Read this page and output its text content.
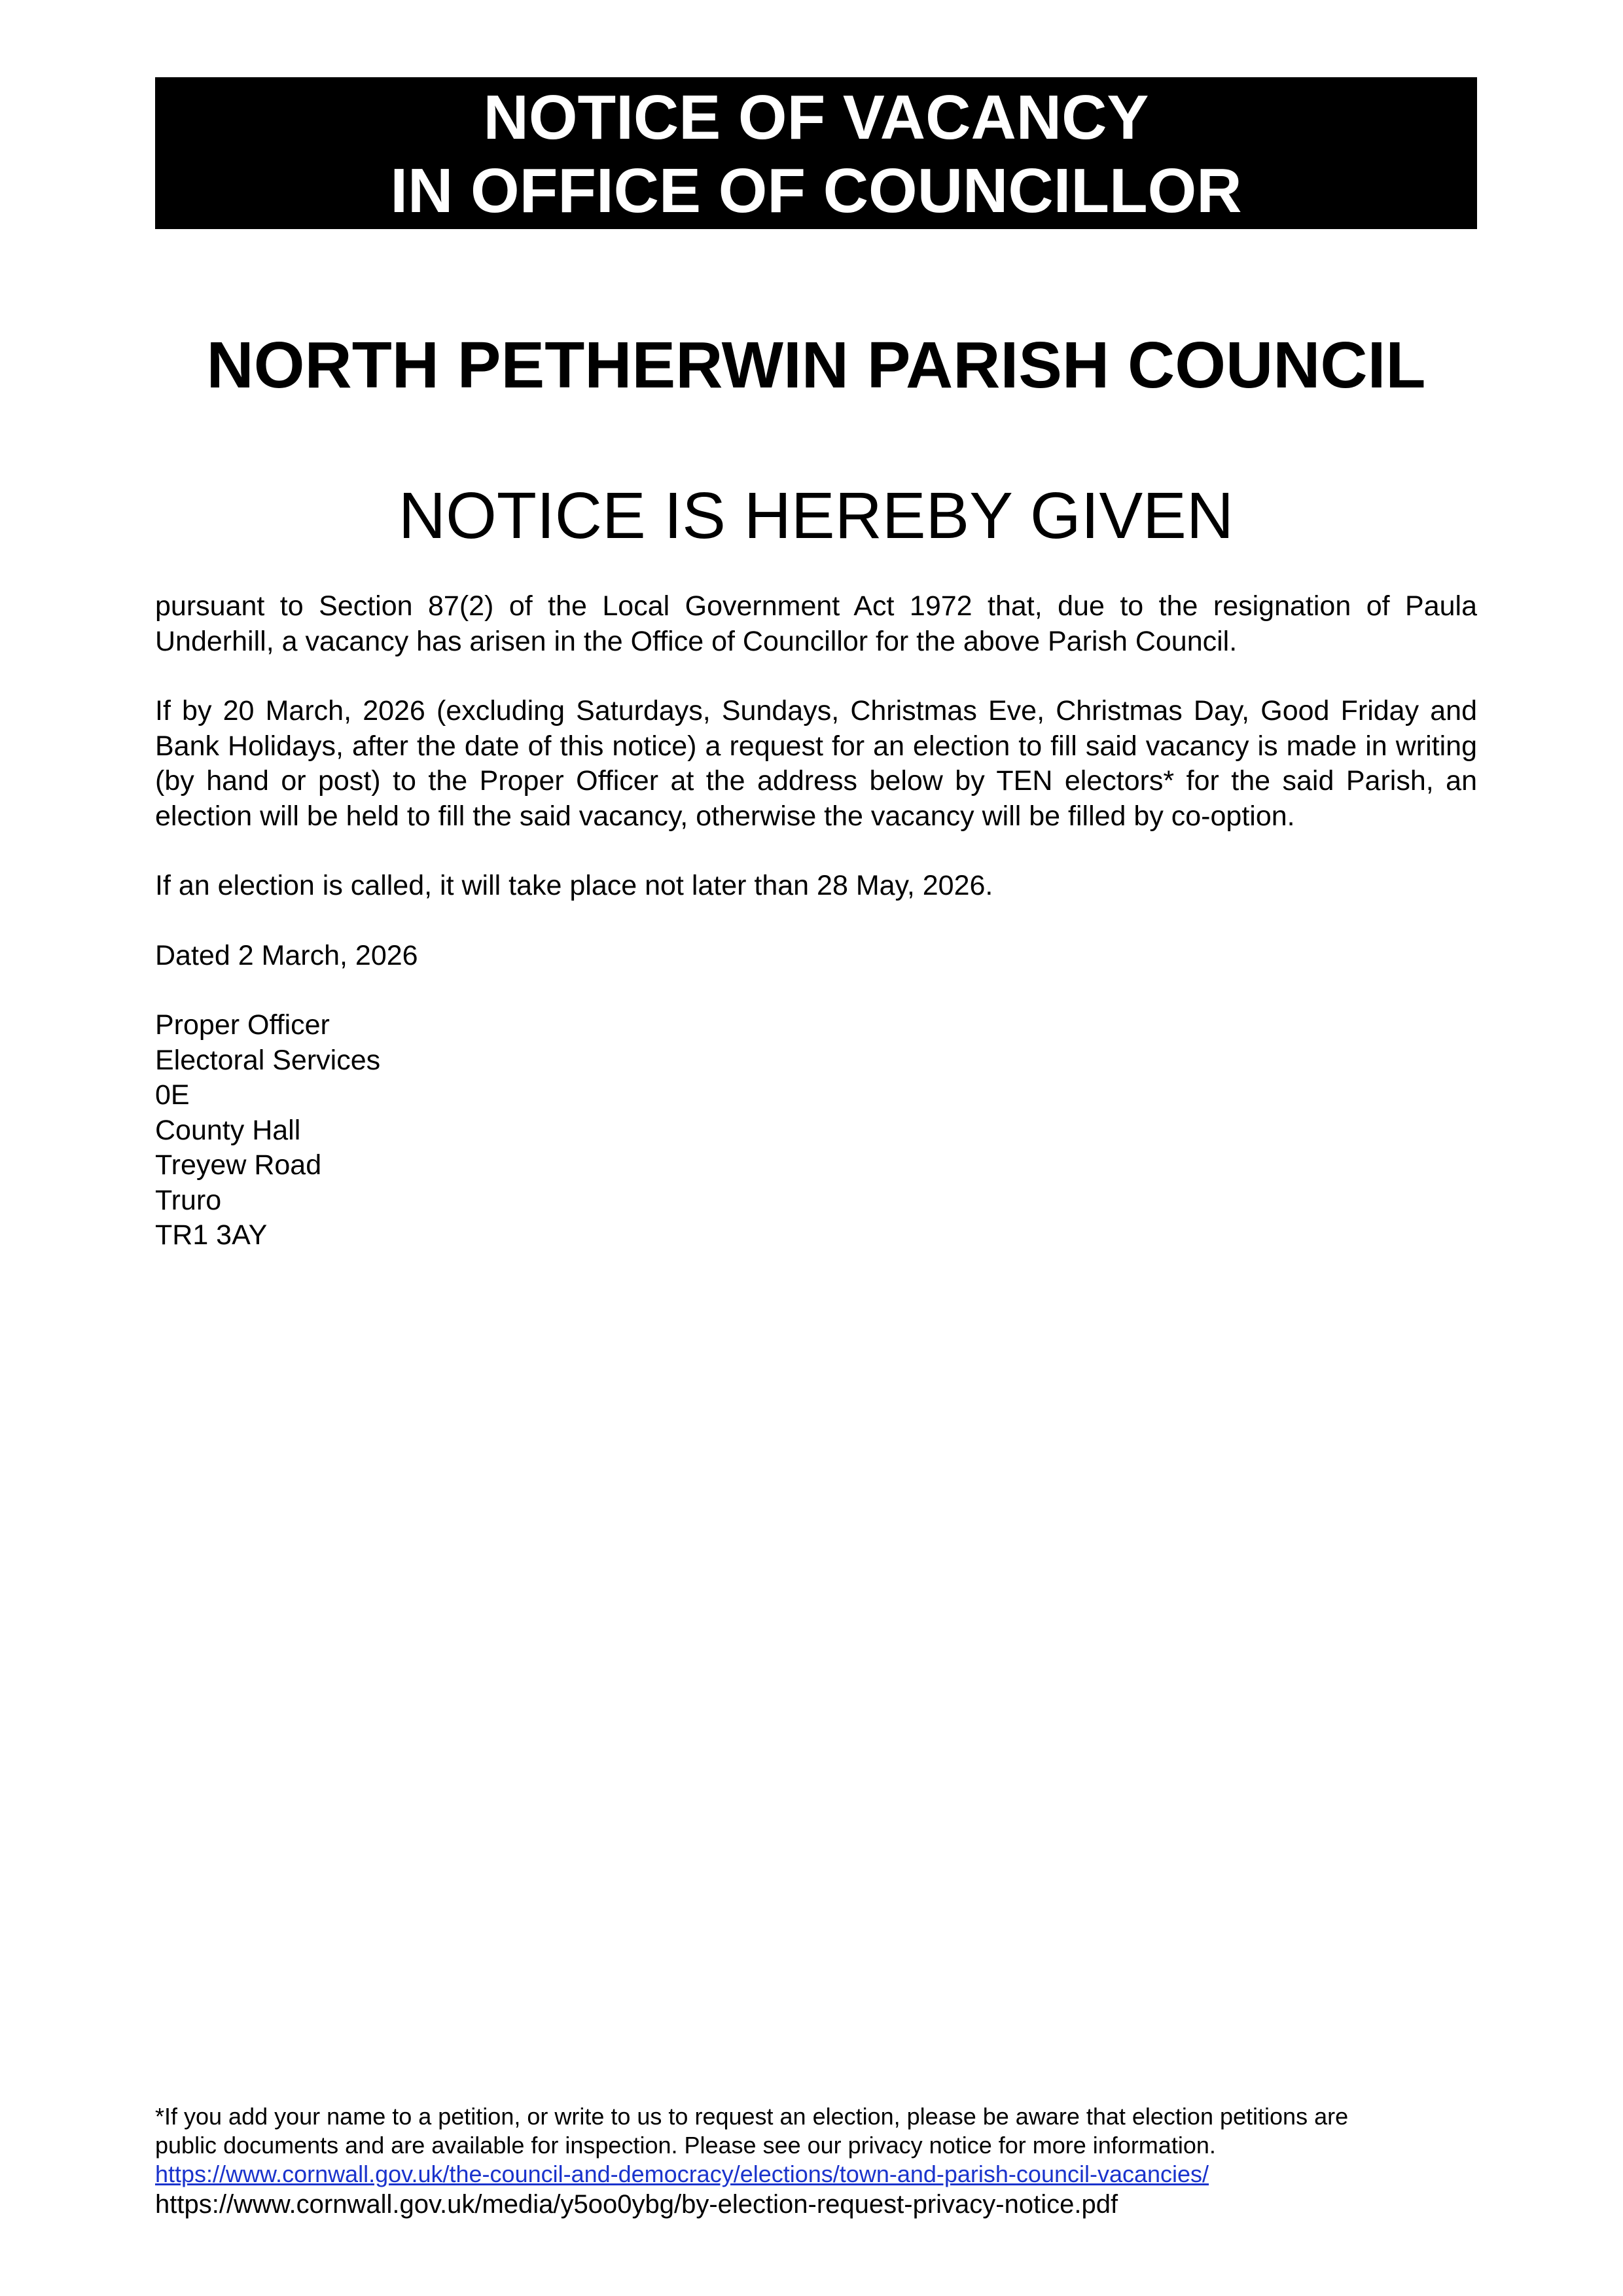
NOTICE OF VACANCY
IN OFFICE OF COUNCILLOR
NORTH PETHERWIN PARISH COUNCIL
NOTICE IS HEREBY GIVEN

pursuant to Section 87(2) of the Local Government Act 1972 that, due to the resignation of Paula Underhill, a vacancy has arisen in the Office of Councillor for the above Parish Council.

If by 20 March, 2026 (excluding Saturdays, Sundays, Christmas Eve, Christmas Day, Good Friday and Bank Holidays, after the date of this notice) a request for an election to fill said vacancy is made in writing (by hand or post) to the Proper Officer at the address below by TEN electors* for the said Parish, an election will be held to fill the said vacancy, otherwise the vacancy will be filled by co-option.

If an election is called, it will take place not later than 28 May, 2026.

Dated 2 March, 2026

Proper Officer
Electoral Services
0E
County Hall
Treyew Road
Truro
TR1 3AY
*If you add your name to a petition, or write to us to request an election, please be aware that election petitions are
public documents and are available for inspection. Please see our privacy notice for more information.
https://www.cornwall.gov.uk/the-council-and-democracy/elections/town-and-parish-council-vacancies/
https://www.cornwall.gov.uk/media/y5oo0ybg/by-election-request-privacy-notice.pdf
